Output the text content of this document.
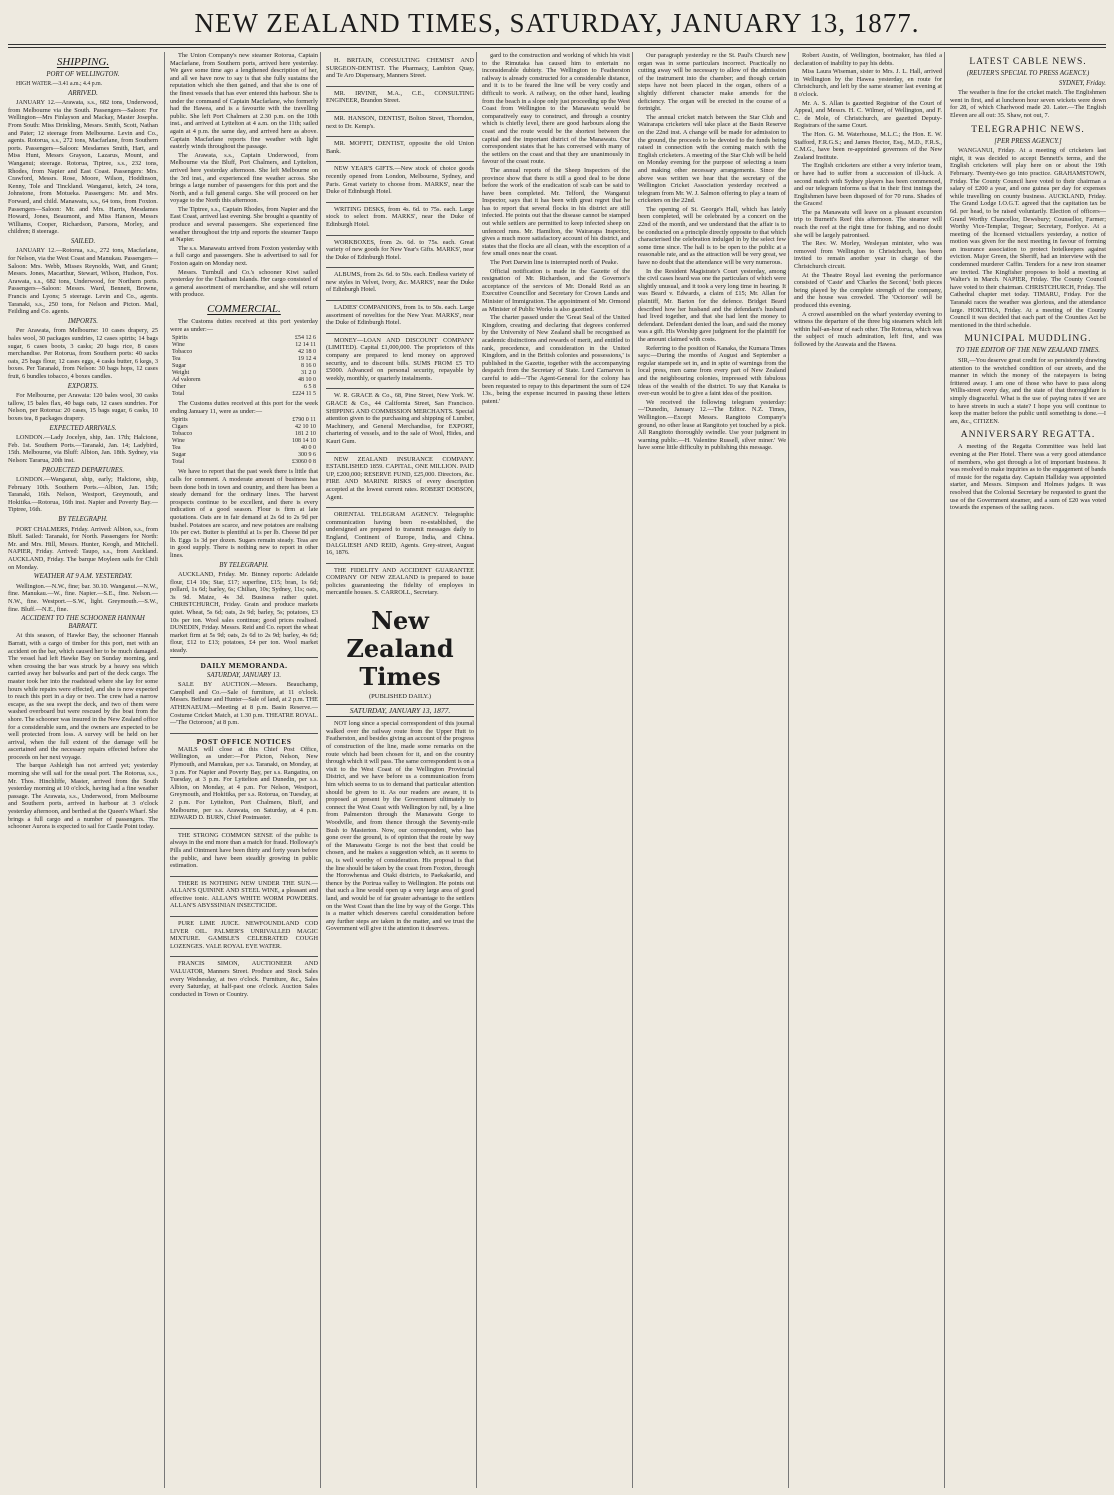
NEW ZEALAND TIMES, SATURDAY, JANUARY 13, 1877.
SHIPPING.
PORT OF WELLINGTON.

HIGH WATER.—3.41 a.m.; 4.4 p.m.

ARRIVED.

JANUARY 12.—Arawata, s.s., 682 tons, Underwood, from Melbourne via the South. Passengers—Saloon: For Wellington—Mrs Finlayson and Mackay, Master Josephs. From South: Miss Drinkling, Messrs. Smith, Scott, Nathan and Pater; 12 steerage from Melbourne. Levin and Co., agents. Rotorua, s.s., 272 tons, Macfarlane, from Southern ports. Passengers—Saloon: Mesdames Smith, Hart, and Miss Hunt, Messrs Grayson, Lazarus, Mount, and Wanganui; steerage. Rotorua, Tiptree, s.s., 232 tons, Rhodes, from Napier and East Coast. Passengers: Mrs. Crawford, Messrs. Rose, Moore, Wilson, Hoddinson, Kenny, Tole and Tinckland. Wanganui, ketch, 24 tons, Johnstone, from Motueka. Passengers: Mr. and Mrs. Forward, and child. Manawatu, s.s., 64 tons, from Foxton. Passengers—Saloon: Mr. and Mrs. Harris, Mesdames Howard, Jones, Beaumont, and Miss Hanson, Messrs Williams, Cooper, Richardson, Parsons, Morley, and children; 8 steerage.

SAILED.

JANUARY 12.—Rotorua, s.s., 272 tons, Macfarlane, for Nelson, via the West Coast and Manukau. Passengers—Saloon: Mrs. Webb, Misses Reynolds, Watt, and Grant; Messrs. Jones, Macarthur, Stewart, Wilson, Hudson, Fox. Arawata, s.s., 682 tons, Underwood, for Northern ports. Passengers—Saloon: Messrs. Ward, Bennett, Browne, Francis and Lyons; 5 steerage. Levin and Co., agents. Taranaki, s.s., 250 tons, for Nelson and Picton. Mail, Feilding and Co. agents.

IMPORTS.

Per Arawata, from Melbourne: 10 cases drapery, 25 bales wool, 30 packages sundries, 12 cases spirits; 14 bags sugar, 6 cases boots, 3 casks; 20 bags rice, 8 cases merchandise. Per Rotorua, from Southern ports: 40 sacks oats, 25 bags flour, 12 cases eggs, 4 casks butter, 6 kegs, 3 boxes. Per Taranaki, from Nelson: 30 bags hops, 12 cases fruit, 6 bundles tobacco, 4 boxes candles.

EXPORTS.

For Melbourne, per Arawata: 120 bales wool, 30 casks tallow, 15 bales flax, 40 bags oats, 12 cases sundries. For Nelson, per Rotorua: 20 cases, 15 bags sugar, 6 casks, 10 boxes tea, 8 packages drapery.

EXPECTED ARRIVALS.

LONDON.—Lady Jocelyn, ship, Jan. 17th; Halcione, Feb. 1st. Southern Ports.—Taranaki, Jan. 14; Ladybird, 15th. Melbourne, via Bluff: Albion, Jan. 18th. Sydney, via Nelson: Tararua, 20th inst.

PROJECTED DEPARTURES.

LONDON.—Wanganui, ship, early; Halcione, ship, February 10th. Southern Ports.—Albion, Jan. 15th; Taranaki, 16th. Nelson, Westport, Greymouth, and Hokitika.—Rotorua, 16th inst. Napier and Poverty Bay.—Tiptree, 16th.

BY TELEGRAPH.

PORT CHALMERS, Friday. Arrived: Albion, s.s., from Bluff. Sailed: Taranaki, for North. Passengers for North: Mr. and Mrs. Hill, Messrs. Hunter, Keogh, and Mitchell. NAPIER, Friday. Arrived: Taupo, s.s., from Auckland. AUCKLAND, Friday. The barque Moyleen sails for Chili on Monday.

WEATHER AT 9 A.M. YESTERDAY.

Wellington.—N.W., fine; bar. 30.10. Wanganui.—N.W., fine. Manukau.—W., fine. Napier.—S.E., fine. Nelson.—N.W., fine. Westport.—S.W., light. Greymouth.—S.W., fine. Bluff.—N.E., fine.

ACCIDENT TO THE SCHOONER HANNAH BARRATT.

At this season, of Hawke Bay, the schooner Hannah Barratt, with a cargo of timber for this port, met with an accident on the bar, which caused her to be much damaged. The vessel had left Hawke Bay on Sunday morning, and when crossing the bar was struck by a heavy sea which carried away her bulwarks and part of the deck cargo. The master took her into the roadstead where she lay for some hours while repairs were effected, and she is now expected to reach this port in a day or two. The crew had a narrow escape, as the sea swept the deck, and two of them were washed overboard but were rescued by the boat from the shore. The schooner was insured in the New Zealand office for a considerable sum, and the owners are expected to be well protected from loss. A survey will be held on her arrival, when the full extent of the damage will be ascertained and the necessary repairs effected before she proceeds on her next voyage.

The barque Ashleigh has not arrived yet; yesterday morning she will sail for the usual port. The Rotorua, s.s., Mr. Thos. Hinchliffe, Master, arrived from the South yesterday morning at 10 o'clock, having had a fine weather passage. The Arawata, s.s., Underwood, from Melbourne and Southern ports, arrived in harbour at 3 o'clock yesterday afternoon, and berthed at the Queen's Wharf. She brings a full cargo and a number of passengers. The schooner Aurora is expected to sail for Castle Point today.

The Union Company's new steamer Rotorua, Captain Macfarlane, from Southern ports, arrived here yesterday. We gave some time ago a lengthened description of her, and all we have now to say is that she fully sustains the reputation which she then gained, and that she is one of the finest vessels that has ever entered this harbour. She is under the command of Captain Macfarlane, who formerly had the Hawea, and is a favourite with the travelling public. She left Port Chalmers at 2.30 p.m. on the 10th inst., and arrived at Lyttelton at 4 a.m. on the 11th; sailed again at 4 p.m. the same day, and arrived here as above. Captain Macfarlane reports fine weather with light easterly winds throughout the passage.

The Arawata, s.s., Captain Underwood, from Melbourne via the Bluff, Port Chalmers, and Lyttelton, arrived here yesterday afternoon. She left Melbourne on the 3rd inst., and experienced fine weather across. She brings a large number of passengers for this port and the North, and a full general cargo. She will proceed on her voyage to the North this afternoon.

The Tiptree, s.s., Captain Rhodes, from Napier and the East Coast, arrived last evening. She brought a quantity of produce and several passengers. She experienced fine weather throughout the trip and reports the steamer Taupo at Napier.

The s.s. Manawatu arrived from Foxton yesterday with a full cargo and passengers. She is advertised to sail for Foxton again on Monday next.

Messrs. Turnbull and Co.'s schooner Kiwi sailed yesterday for the Chatham Islands. Her cargo consisted of a general assortment of merchandise, and she will return with produce.

COMMERCIAL.

The Customs duties received at this port yesterday were as under:—

Spirits	£54 12 6
Wine	12 14 11
Tobacco	42 18 0
Tea	19 12 4
Sugar	8 16 0
Weight	31 2 0
Ad valorem	48 10 0
Other	6 5 8
Total	£224 11 5

The Customs duties received at this port for the week ending January 11, were as under:—

Spirits	£790 0 11
Cigars	42 10 10
Tobacco	181 2 10
Wine	108 14 10
Tea	40 0 0
Sugar	300 9 6
Total	£3060 0 8

We have to report that the past week there is little that calls for comment. A moderate amount of business has been done both in town and country, and there has been a steady demand for the ordinary lines. The harvest prospects continue to be excellent, and there is every indication of a good season. Flour is firm at late quotations. Oats are in fair demand at 2s 6d to 2s 9d per bushel. Potatoes are scarce, and new potatoes are realising 10s per cwt. Butter is plentiful at 1s per lb. Cheese 8d per lb. Eggs 1s 3d per dozen. Sugars remain steady. Teas are in good supply. There is nothing new to report in other lines.

BY TELEGRAPH.

AUCKLAND, Friday. Mr. Binney reports: Adelaide flour, £14 10s; Star, £17; superfine, £15; bran, 1s 6d; pollard, 1s 6d; barley, 6s; Chilian, 10s; Sydney, 11s; oats, 3s 9d. Maize, 4s 3d. Business rather quiet. CHRISTCHURCH, Friday. Grain and produce markets quiet. Wheat, 5s 6d; oats, 2s 9d; barley, 5s; potatoes, £3 10s per ton. Wool sales continue; good prices realised. DUNEDIN, Friday. Messrs. Reid and Co. report the wheat market firm at 5s 9d; oats, 2s 6d to 2s 9d; barley, 4s 6d; flour, £12 to £13; potatoes, £4 per ton. Wool market steady.

DAILY MEMORANDA.
SATURDAY, JANUARY 13.

SALE BY AUCTION.—Messrs. Beauchamp, Campbell and Co.—Sale of furniture, at 11 o'clock. Messrs. Bethune and Hunter—Sale of land, at 2 p.m. THE ATHENAEUM.—Meeting at 8 p.m. Basin Reserve.—Costume Cricket Match, at 1.30 p.m. THEATRE ROYAL.—'The Octoroon,' at 8 p.m.

POST OFFICE NOTICES

MAILS will close at this Chief Post Office, Wellington, as under:—For Picton, Nelson, New Plymouth, and Manukau, per s.s. Taranaki, on Monday, at 3 p.m. For Napier and Poverty Bay, per s.s. Rangatira, on Tuesday, at 3 p.m. For Lyttelton and Dunedin, per s.s. Albion, on Monday, at 4 p.m. For Nelson, Westport, Greymouth, and Hokitika, per s.s. Rotorua, on Tuesday, at 2 p.m. For Lyttelton, Port Chalmers, Bluff, and Melbourne, per s.s. Arawata, on Saturday, at 4 p.m. EDWARD D. BURN, Chief Postmaster.

THE STRONG COMMON SENSE of the public is always in the end more than a match for fraud. Holloway's Pills and Ointment have been thirty and forty years before the public, and have been steadily growing in public estimation.

THERE IS NOTHING NEW UNDER THE SUN.—ALLAN'S QUININE AND STEEL WINE, a pleasant and effective tonic. ALLAN'S WHITE WORM POWDERS. ALLAN'S ABYSSINIAN INSECTICIDE.

PURE LIME JUICE. NEWFOUNDLAND COD LIVER OIL. PALMER'S UNRIVALLED MAGIC MIXTURE. GAMBLE'S CELEBRATED COUGH LOZENGES. VALE ROYAL EYE WATER.

FRANCIS SIMON, AUCTIONEER AND VALUATOR, Manners Street. Produce and Stock Sales every Wednesday, at two o'clock. Furniture, &c., Sales every Saturday, at half-past one o'clock. Auction Sales conducted in Town or Country.

H. BRITAIN, CONSULTING CHEMIST AND SURGEON-DENTIST. The Pharmacy, Lambton Quay, and Te Aro Dispensary, Manners Street.

MR. IRVINE, M.A., C.E., CONSULTING ENGINEER, Brandon Street.

MR. HANSON, DENTIST, Bolton Street, Thorndon, next to Dr. Kemp's.

MR. MOFFIT, DENTIST, opposite the old Union Bank.

NEW YEAR'S GIFTS.—New stock of choice goods recently opened from London, Melbourne, Sydney, and Paris. Great variety to choose from. MARKS', near the Duke of Edinburgh Hotel.

WRITING DESKS, from 4s. 6d. to 75s. each. Large stock to select from. MARKS', near the Duke of Edinburgh Hotel.

WORKBOXES, from 2s. 6d. to 75s. each. Great variety of new goods for New Year's Gifts. MARKS', near the Duke of Edinburgh Hotel.

ALBUMS, from 2s. 6d. to 50s. each. Endless variety of new styles in Velvet, Ivory, &c. MARKS', near the Duke of Edinburgh Hotel.

LADIES' COMPANIONS, from 1s. to 50s. each. Large assortment of novelties for the New Year. MARKS', near the Duke of Edinburgh Hotel.

MONEY—LOAN AND DISCOUNT COMPANY (LIMITED). Capital £1,000,000. The proprietors of this company are prepared to lend money on approved security, and to discount bills. SUMS FROM £5 TO £5000. Advanced on personal security, repayable by weekly, monthly, or quarterly instalments.

W. R. GRACE & Co., 68, Pine Street, New York. W. GRACE & Co., 44 California Street, San Francisco. SHIPPING AND COMMISSION MERCHANTS. Special attention given to the purchasing and shipping of Lumber, Machinery, and General Merchandise, for EXPORT, chartering of vessels, and to the sale of Wool, Hides, and Kauri Gum.

NEW ZEALAND INSURANCE COMPANY. ESTABLISHED 1859. CAPITAL, ONE MILLION. PAID UP, £200,000; RESERVE FUND, £25,000. Directors, &c. FIRE AND MARINE RISKS of every description accepted at the lowest current rates. ROBERT DOBSON, Agent.

ORIENTAL TELEGRAM AGENCY. Telegraphic communication having been re-established, the undersigned are prepared to transmit messages daily to England, Continent of Europe, India, and China. DALGLIESH AND REID, Agents. Grey-street, August 16, 1876.

THE FIDELITY AND ACCIDENT GUARANTEE COMPANY OF NEW ZEALAND is prepared to issue policies guaranteeing the fidelity of employes in mercantile houses. S. CARROLL, Secretary.

New Zealand Times
(PUBLISHED DAILY.)
SATURDAY, JANUARY 13, 1877.

NOT long since a special correspondent of this journal walked over the railway route from the Upper Hutt to Featherston, and besides giving an account of the progress of construction of the line, made some remarks on the route which had been chosen for it, and on the country through which it will pass. The same correspondent is on a visit to the West Coast of the Wellington Provincial District, and we have before us a communication from him which seems to us to demand that particular attention should be given to it. As our readers are aware, it is proposed at present by the Government ultimately to connect the West Coast with Wellington by rail, by a line from Palmerston through the Manawatu Gorge to Woodville, and from thence through the Seventy-mile Bush to Masterton. Now, our correspondent, who has gone over the ground, is of opinion that the route by way of the Manawatu Gorge is not the best that could be chosen, and he makes a suggestion which, as it seems to us, is well worthy of consideration. His proposal is that the line should be taken by the coast from Foxton, through the Horowhenua and Otaki districts, to Paekakariki, and thence by the Porirua valley to Wellington. He points out that such a line would open up a very large area of good land, and would be of far greater advantage to the settlers on the West Coast than the line by way of the Gorge. This is a matter which deserves careful consideration before any further steps are taken in the matter, and we trust the Government will give it the attention it deserves.

gard to the construction and working of which his visit to the Rimutaka has caused him to entertain no inconsiderable dubiety. The Wellington to Featherston railway is already constructed for a considerable distance, and it is to be feared the line will be very costly and difficult to work. A railway, on the other hand, leading from the beach in a slope only just proceeding up the West Coast from Wellington to the Manawatu would be comparatively easy to construct, and through a country which is chiefly level, there are good harbours along the coast and the route would be the shortest between the capital and the important district of the Manawatu. Our correspondent states that he has conversed with many of the settlers on the coast and that they are unanimously in favour of the coast route.

The annual reports of the Sheep Inspectors of the province show that there is still a good deal to be done before the work of the eradication of scab can be said to have been completed. Mr. Telford, the Wanganui Inspector, says that it has been with great regret that he has to report that several flocks in his district are still infected. He points out that the disease cannot be stamped out while settlers are permitted to keep infected sheep on unfenced runs. Mr. Hamilton, the Wairarapa Inspector, gives a much more satisfactory account of his district, and states that the flocks are all clean, with the exception of a few small ones near the coast.

The Port Darwin line is interrupted north of Peake.

Official notification is made in the Gazette of the resignation of Mr. Richardson, and the Governor's acceptance of the services of Mr. Donald Reid as an Executive Councillor and Secretary for Crown Lands and Minister of Immigration. The appointment of Mr. Ormond as Minister of Public Works is also gazetted.

The charter passed under the 'Great Seal of the United Kingdom, creating and declaring that degrees conferred by the University of New Zealand shall be recognised as academic distinctions and rewards of merit, and entitled to rank, precedence, and consideration in the United Kingdom, and in the British colonies and possessions,' is published in the Gazette, together with the accompanying despatch from the Secretary of State. Lord Carnarvon is careful to add—'The Agent-General for the colony has been requested to repay to this department the sum of £24 13s., being the expense incurred in passing these letters patent.'

Our paragraph yesterday re the St. Paul's Church new organ was in some particulars incorrect. Practically no cutting away will be necessary to allow of the admission of the instrument into the chamber; and though certain steps have not been placed in the organ, others of a slightly different character make amends for the deficiency. The organ will be erected in the course of a fortnight.

The annual cricket match between the Star Club and Wairarapa cricketers will take place at the Basin Reserve on the 22nd inst. A change will be made for admission to the ground, the proceeds to be devoted to the funds being raised in connection with the coming match with the English cricketers. A meeting of the Star Club will be held on Monday evening for the purpose of selecting a team and making other necessary arrangements. Since the above was written we hear that the secretary of the Wellington Cricket Association yesterday received a telegram from Mr. W. J. Salmon offering to play a team of cricketers on the 22nd.

The opening of St. George's Hall, which has lately been completed, will be celebrated by a concert on the 22nd of the month, and we understand that the affair is to be conducted on a principle directly opposite to that which characterised the celebration indulged in by the select few some time since. The hall is to be open to the public at a reasonable rate, and as the attraction will be very great, we have no doubt that the attendance will be very numerous.

In the Resident Magistrate's Court yesterday, among the civil cases heard was one the particulars of which were slightly unusual, and it took a very long time in hearing. It was Beard v. Edwards, a claim of £15; Mr. Allan for plaintiff, Mr. Barton for the defence. Bridget Beard described how her husband and the defendant's husband had lived together, and that she had lent the money to defendant. Defendant denied the loan, and said the money was a gift. His Worship gave judgment for the plaintiff for the amount claimed with costs.

Referring to the position of Kanaka, the Kumara Times says:—During the months of August and September a regular stampede set in, and in spite of warnings from the local press, men came from every part of New Zealand and the neighbouring colonies, impressed with fabulous ideas of the wealth of the district. To say that Kanaka is over-run would be to give a faint idea of the position.

We received the following telegram yesterday:—'Dunedin, January 12.—The Editor. N.Z. Times, Wellington.—Except Messrs. Rangitoto Company's ground, no other lease at Rangitoto yet touched by a pick. All Rangitoto thoroughly swindle. Use your judgment in warning public.—H. Valentine Russell, silver miner.' We have some little difficulty in publishing this message.

Robert Austin, of Wellington, bootmaker, has filed a declaration of inability to pay his debts.

Miss Laura Wiseman, sister to Mrs. J. L. Hall, arrived in Wellington by the Hawea yesterday, en route for Christchurch, and left by the same steamer last evening at 8 o'clock.

Mr. A. S. Allan is gazetted Registrar of the Court of Appeal, and Messrs. H. C. Wilmer, of Wellington, and F. C. de Mole, of Christchurch, are gazetted Deputy-Registrars of the same Court.

The Hon. G. M. Waterhouse, M.L.C.; the Hon. E. W. Stafford, F.R.G.S.; and James Hector, Esq., M.D., F.R.S., C.M.G., have been re-appointed governors of the New Zealand Institute.

The English cricketers are either a very inferior team, or have had to suffer from a succession of ill-luck. A second match with Sydney players has been commenced, and our telegram informs us that in their first innings the Englishmen have been disposed of for 70 runs. Shades of the Graces!

The pa Manawatu will leave on a pleasant excursion trip to Burnett's Reef this afternoon. The steamer will reach the reef at the right time for fishing, and no doubt she will be largely patronised.

The Rev. W. Morley, Wesleyan minister, who was removed from Wellington to Christchurch, has been invited to remain another year in charge of the Christchurch circuit.

At the Theatre Royal last evening the performance consisted of 'Caste' and 'Charles the Second,' both pieces being played by the complete strength of the company, and the house was crowded. The 'Octoroon' will be produced this evening.

A crowd assembled on the wharf yesterday evening to witness the departure of the three big steamers which left within half-an-hour of each other. The Rotorua, which was the subject of much admiration, left first, and was followed by the Arawata and the Hawea.

LATEST CABLE NEWS.
(REUTER'S SPECIAL TO PRESS AGENCY.)
SYDNEY, Friday.

The weather is fine for the cricket match. The Englishmen went in first, and at luncheon hour seven wickets were down for 28, of which Charlwood made 20. Later.—The English Eleven are all out: 35. Shaw, not out, 7.

TELEGRAPHIC NEWS.
[PER PRESS AGENCY.]

WANGANUI, Friday. At a meeting of cricketers last night, it was decided to accept Bennett's terms, and the English cricketers will play here on or about the 19th February. Twenty-two go into practice. GRAHAMSTOWN, Friday. The County Council have voted to their chairman a salary of £200 a year, and one guinea per day for expenses while travelling on county business. AUCKLAND, Friday. The Grand Lodge I.O.G.T. agreed that the capitation tax be 6d. per head, to be raised voluntarily. Election of officers—Grand Worthy Chancellor, Dewsbury; Counsellor, Farmer; Worthy Vice-Templar, Tregear; Secretary, Fordyce. At a meeting of the licensed victuallers yesterday, a notice of motion was given for the next meeting in favour of forming an insurance association to protect hotelkeepers against eviction. Major Green, the Sheriff, had an interview with the condemned murderer Caffin. Tenders for a new iron steamer are invited. The Kingfisher proposes to hold a meeting at Walter's in March. NAPIER, Friday. The County Council have voted to their chairman. CHRISTCHURCH, Friday. The Cathedral chapter met today. TIMARU, Friday. For the Taranaki races the weather was glorious, and the attendance large. HOKITIKA, Friday. At a meeting of the County Council it was decided that each part of the Counties Act be mentioned in the third schedule.

MUNICIPAL MUDDLING.
TO THE EDITOR OF THE NEW ZEALAND TIMES.

SIR,—You deserve great credit for so persistently drawing attention to the wretched condition of our streets, and the manner in which the money of the ratepayers is being frittered away. I am one of those who have to pass along Willis-street every day, and the state of that thoroughfare is simply disgraceful. What is the use of paying rates if we are to have streets in such a state? I hope you will continue to keep the matter before the public until something is done.—I am, &c., CITIZEN.

ANNIVERSARY REGATTA.

A meeting of the Regatta Committee was held last evening at the Pier Hotel. There was a very good attendance of members, who got through a lot of important business. It was resolved to make inquiries as to the engagement of bands of music for the regatta day. Captain Halliday was appointed starter, and Messrs. Simpson and Holmes judges. It was resolved that the Colonial Secretary be requested to grant the use of the Government steamer, and a sum of £20 was voted towards the expenses of the sailing races.
